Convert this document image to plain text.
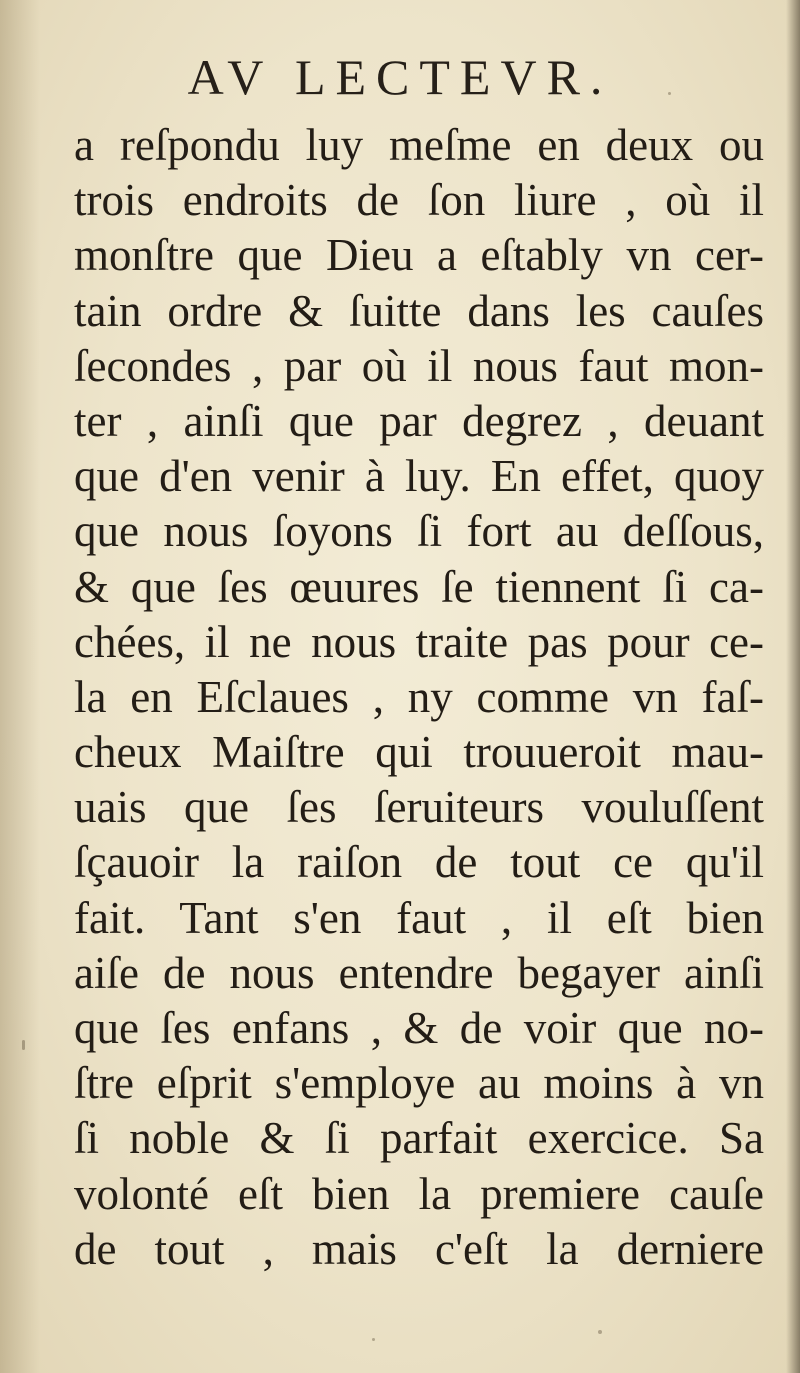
AV LECTEVR.
a reſpondu luy meſme en deux ou
trois endroits de ſon liure , où il
monſtre que Dieu a eſtably vn cer-
tain ordre & ſuitte dans les cauſes
ſecondes , par où il nous faut mon-
ter , ainſi que par degrez , deuant
que d'en venir à luy. En effet, quoy
que nous ſoyons ſi fort au deſſous,
& que ſes œuures ſe tiennent ſi ca-
chées, il ne nous traite pas pour ce-
la en Eſclaues , ny comme vn faſ-
cheux Maiſtre qui trouueroit mau-
uais que ſes ſeruiteurs vouluſſent
ſçauoir la raiſon de tout ce qu'il
fait. Tant s'en faut , il eſt bien
aiſe de nous entendre begayer ainſi
que ſes enfans , & de voir que no-
ſtre eſprit s'employe au moins à vn
ſi noble & ſi parfait exercice. Sa
volonté eſt bien la premiere cauſe
de tout , mais c'eſt la derniere
